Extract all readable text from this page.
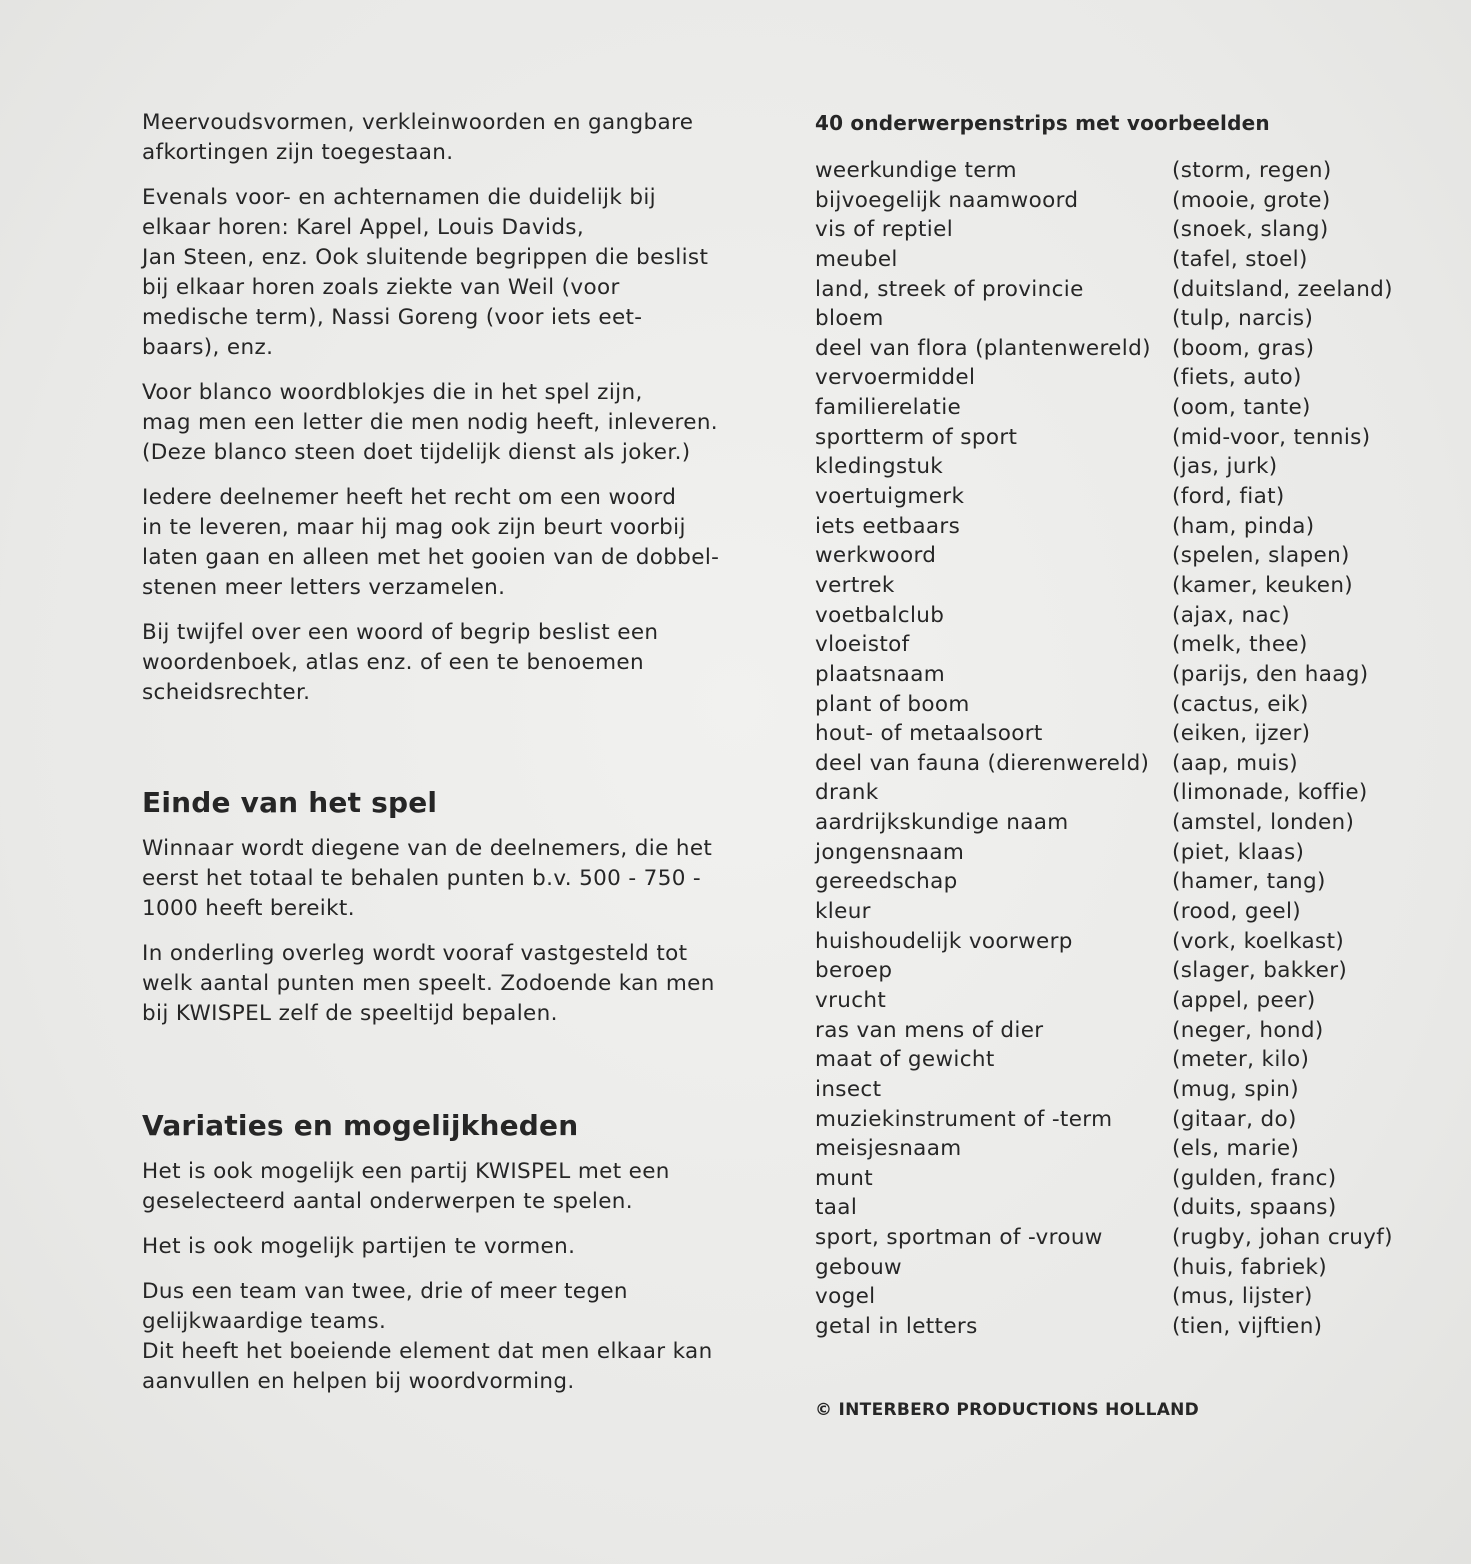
Meervoudsvormen, verkleinwoorden en gangbare
afkortingen zijn toegestaan.

Evenals voor- en achternamen die duidelijk bij
elkaar horen: Karel Appel, Louis Davids,
Jan Steen, enz. Ook sluitende begrippen die beslist
bij elkaar horen zoals ziekte van Weil (voor
medische term), Nassi Goreng (voor iets eet-
baars), enz.

Voor blanco woordblokjes die in het spel zijn,
mag men een letter die men nodig heeft, inleveren.
(Deze blanco steen doet tijdelijk dienst als joker.)

Iedere deelnemer heeft het recht om een woord
in te leveren, maar hij mag ook zijn beurt voorbij
laten gaan en alleen met het gooien van de dobbel-
stenen meer letters verzamelen.

Bij twijfel over een woord of begrip beslist een
woordenboek, atlas enz. of een te benoemen
scheidsrechter.

Einde van het spel

Winnaar wordt diegene van de deelnemers, die het
eerst het totaal te behalen punten b.v. 500 - 750 -
1000 heeft bereikt.

In onderling overleg wordt vooraf vastgesteld tot
welk aantal punten men speelt. Zodoende kan men
bij KWISPEL zelf de speeltijd bepalen.

Variaties en mogelijkheden

Het is ook mogelijk een partij KWISPEL met een
geselecteerd aantal onderwerpen te spelen.

Het is ook mogelijk partijen te vormen.

Dus een team van twee, drie of meer tegen
gelijkwaardige teams.

Dit heeft het boeiende element dat men elkaar kan
aanvullen en helpen bij woordvorming.

40 onderwerpenstrips met voorbeelden
weerkundige term	(storm, regen)
bijvoegelijk naamwoord	(mooie, grote)
vis of reptiel	(snoek, slang)
meubel	(tafel, stoel)
land, streek of provincie	(duitsland, zeeland)
bloem	(tulp, narcis)
deel van flora (plantenwereld) (boom, gras)
vervoermiddel	(fiets, auto)
familierelatie	(oom, tante)
sportterm of sport	(mid-voor, tennis)
kledingstuk	(jas, jurk)
voertuigmerk	(ford, fiat)
iets eetbaars	(ham, pinda)
werkwoord	(spelen, slapen)
vertrek	(kamer, keuken)
voetbalclub	(ajax, nac)
vloeistof	(melk, thee)
plaatsnaam	(parijs, den haag)
plant of boom	(cactus, eik)
hout- of metaalsoort	(eiken, ijzer)
deel van fauna (dierenwereld) (aap, muis)
drank	(limonade, koffie)
aardrijkskundige naam	(amstel, londen)
jongensnaam	(piet, klaas)
gereedschap	(hamer, tang)
kleur	(rood, geel)
huishoudelijk voorwerp	(vork, koelkast)
beroep	(slager, bakker)
vrucht	(appel, peer)
ras van mens of dier	(neger, hond)
maat of gewicht	(meter, kilo)
insect	(mug, spin)
muziekinstrument of -term	(gitaar, do)
meisjesnaam	(els, marie)
munt	(gulden, franc)
taal	(duits, spaans)
sport, sportman of -vrouw	(rugby, johan cruyf)
gebouw	(huis, fabriek)
vogel	(mus, lijster)
getal in letters	(tien, vijftien)
© INTERBERO PRODUCTIONS HOLLAND
